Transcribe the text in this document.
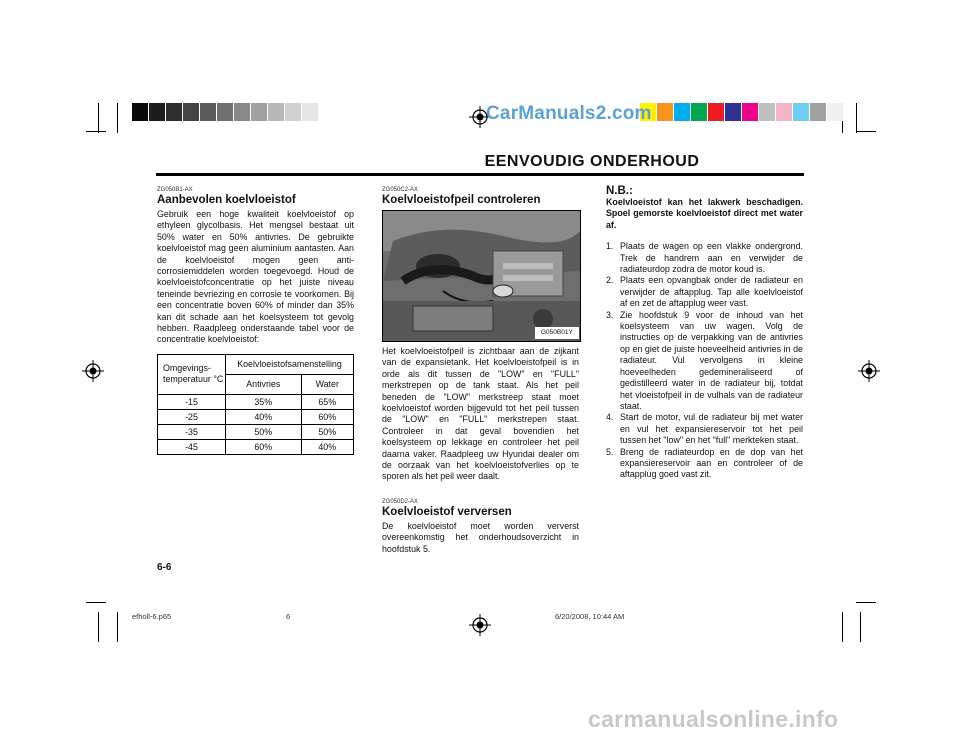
CarManuals2.com
EENVOUDIG ONDERHOUD
ZG050B1-AX
Aanbevolen koelvloeistof
Gebruik een hoge kwaliteit koelvloeistof op ethyleen glycolbasis. Het mengsel bestaat uit 50% water en 50% antivries. De gebruikte koelvloeistof mag geen aluminium aantasten. Aan de koelvloeistof mogen geen anti-corrosiemiddelen worden toegevoegd. Houd de koelvloeistofconcentratie op het juiste niveau teneinde bevriezing en corrosie te voorkomen. Bij een concentratie boven 60% of minder dan 35% kan dit schade aan het koelsysteem tot gevolg hebben. Raadpleeg onderstaande tabel voor de concentratie koelvloeistof:
Omgevings- temperatuur °C	Koelvloeistofsamenstelling	
	Antivries	Water
-15	35%	65%
-25	40%	60%
-35	50%	50%
-45	60%	40%
ZG050C2-AX
Koelvloeistofpeil controleren
G050B01Y
Het koelvloeistofpeil is zichtbaar aan de zijkant van de expansietank. Het koelvloeistofpeil is in orde als dit tussen de "LOW" en "FULL" merkstrepen op de tank staat. Als het peil beneden de "LOW" merkstreep staat moet koelvloeistof worden bijgevuld tot het peil tussen de "LOW" en "FULL" merkstrepen staat. Controleer in dat geval bovendien het koelsysteem op lekkage en controleer het peil daarna vaker. Raadpleeg uw Hyundai dealer om de oorzaak van het koelvloeistofverlies op te sporen als het peil weer daalt.
ZG050D2-AX
Koelvloeistof verversen
De koelvloeistof moet worden ververst overeenkomstig het onderhoudsoverzicht in hoofdstuk 5.
N.B.:
Koelvloeistof kan het lakwerk beschadigen. Spoel gemorste koelvloeistof direct met water af.
1. Plaats de wagen op een vlakke ondergrond. Trek de handrem aan en verwijder de radiateurdop zodra de motor koud is.
2. Plaats een opvangbak onder de radiateur en verwijder de aftapplug. Tap alle koelvloeistof af en zet de aftapplug weer vast.
3. Zie hoofdstuk 9 voor de inhoud van het koelsysteem van uw wagen. Volg de instructies op de verpakking van de antivries op en giet de juiste hoeveelheid antivries in de radiateur. Vul vervolgens in kleine hoeveelheden gedemineraliseerd of gedistilleerd water in de radiateur bij, totdat het vloeistofpeil in de vulhals van de radiateur staat.
4. Start de motor, vul de radiateur bij met water en vul het expansiereservoir tot het peil tussen het "low" en het "full" merkteken staat.
5. Breng de radiateurdop en de dop van het expansiereservoir aan en controleer of de aftapplug goed vast zit.
6-6
efholl-6.p65	6	6/20/2008, 10:44 AM
carmanualsonline.info
